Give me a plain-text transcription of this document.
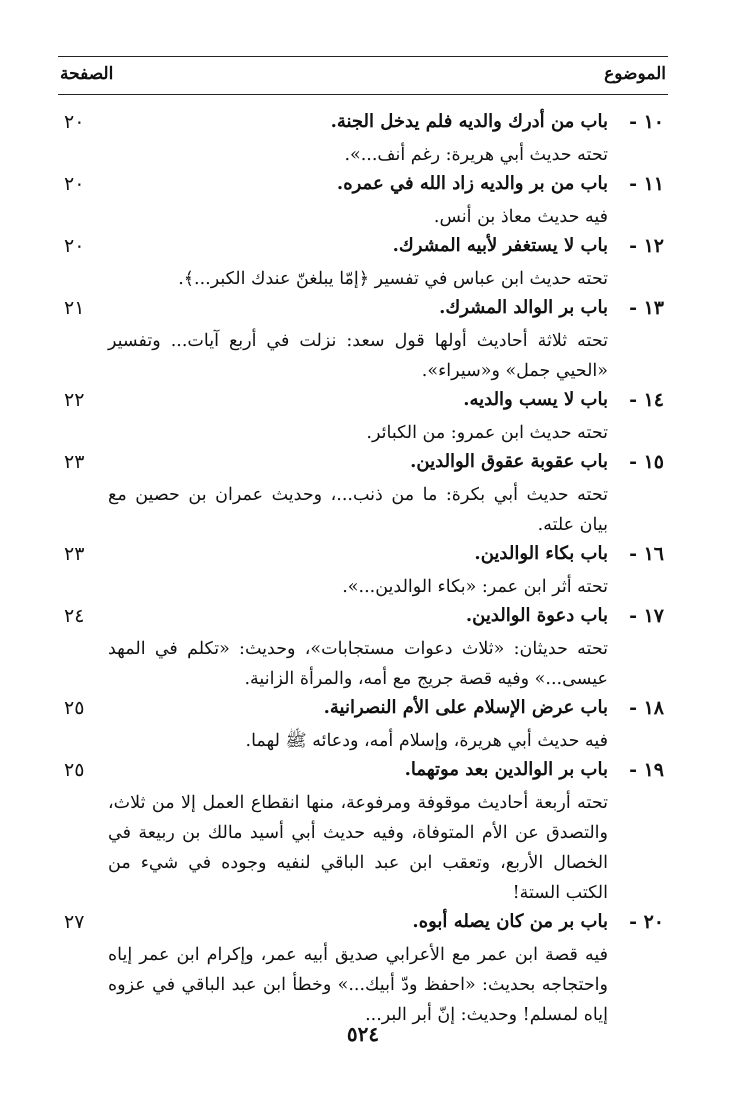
الموضوع
الصفحة
١٠ -
باب من أدرك والديه فلم يدخل الجنة.
٢٠
تحته حديث أبي هريرة: رغم أنف...».
١١ -
باب من بر والديه زاد الله في عمره.
٢٠
فيه حديث معاذ بن أنس.
١٢ -
باب لا يستغفر لأبيه المشرك.
٢٠
تحته حديث ابن عباس في تفسير ﴿إمّا يبلغنّ عندك الكبر...﴾.
١٣ -
باب بر الوالد المشرك.
٢١
تحته ثلاثة أحاديث أولها قول سعد: نزلت في أربع آيات... وتفسير «الحيي جمل» و«سيراء».
١٤ -
باب لا يسب والديه.
٢٢
تحته حديث ابن عمرو: من الكبائر.
١٥ -
باب عقوبة عقوق الوالدين.
٢٣
تحته حديث أبي بكرة: ما من ذنب...، وحديث عمران بن حصين مع بيان علته.
١٦ -
باب بكاء الوالدين.
٢٣
تحته أثر ابن عمر: «بكاء الوالدين...».
١٧ -
باب دعوة الوالدين.
٢٤
تحته حديثان: «ثلاث دعوات مستجابات»، وحديث: «تكلم في المهد عيسى...» وفيه قصة جريج مع أمه، والمرأة الزانية.
١٨ -
باب عرض الإسلام على الأم النصرانية.
٢٥
فيه حديث أبي هريرة، وإسلام أمه، ودعائه ﷺ لهما.
١٩ -
باب بر الوالدين بعد موتهما.
٢٥
تحته أربعة أحاديث موقوفة ومرفوعة، منها انقطاع العمل إلا من ثلاث، والتصدق عن الأم المتوفاة، وفيه حديث أبي أسيد مالك بن ربيعة في الخصال الأربع، وتعقب ابن عبد الباقي لنفيه وجوده في شيء من الكتب الستة!
٢٠ -
باب بر من كان يصله أبوه.
٢٧
فيه قصة ابن عمر مع الأعرابي صديق أبيه عمر، وإكرام ابن عمر إياه واحتجاجه بحديث: «احفظ ودّ أبيك...» وخطأ ابن عبد الباقي في عزوه إياه لمسلم! وحديث: إنّ أبر البر...
٥٢٤
